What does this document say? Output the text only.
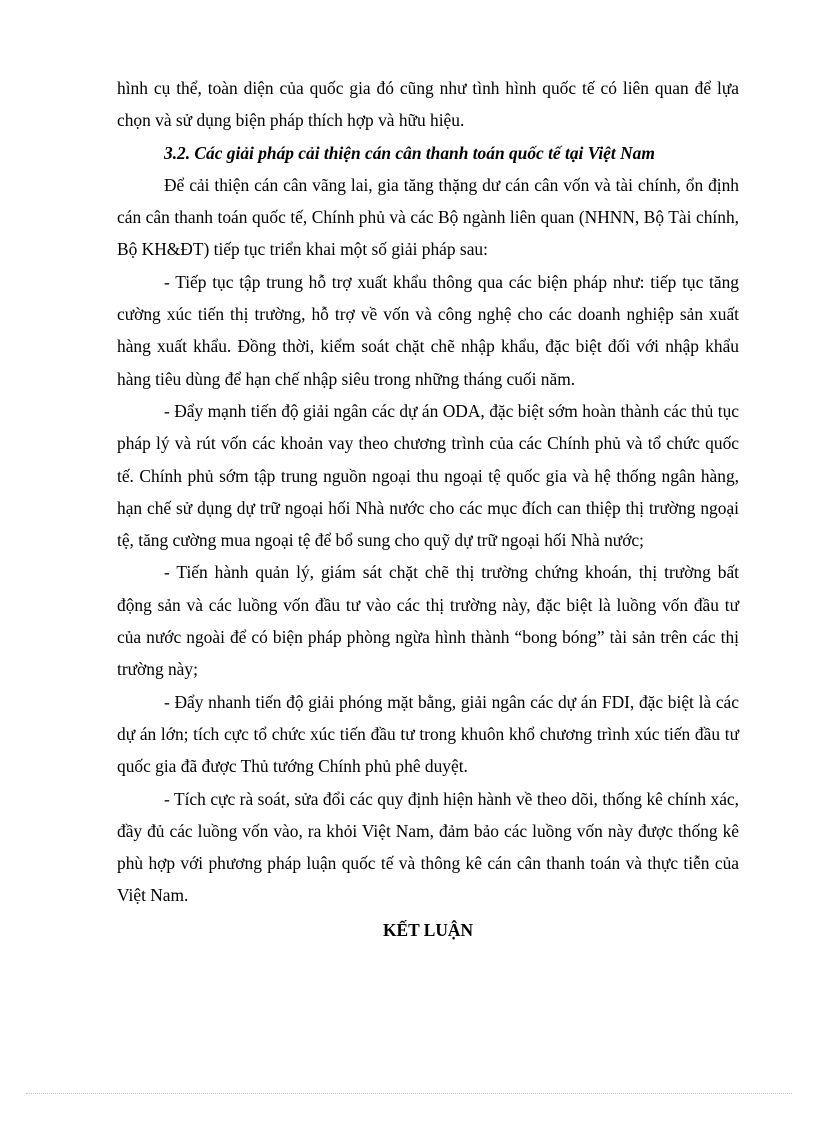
hình cụ thể, toàn diện của quốc gia đó cũng như tình hình quốc tế có liên quan để lựa chọn và sử dụng biện pháp thích hợp và hữu hiệu.

3.2. Các giải pháp cải thiện cán cân thanh toán quốc tế tại Việt Nam

Để cải thiện cán cân vãng lai, gia tăng thặng dư cán cân vốn và tài chính, ổn định cán cân thanh toán quốc tế, Chính phủ và các Bộ ngành liên quan (NHNN, Bộ Tài chính, Bộ KH&ĐT) tiếp tục triển khai một số giải pháp sau:

- Tiếp tục tập trung hỗ trợ xuất khẩu thông qua các biện pháp như: tiếp tục tăng cường xúc tiến thị trường, hỗ trợ về vốn và công nghệ cho các doanh nghiệp sản xuất hàng xuất khẩu. Đồng thời, kiểm soát chặt chẽ nhập khẩu, đặc biệt đối với nhập khẩu hàng tiêu dùng để hạn chế nhập siêu trong những tháng cuối năm.

- Đẩy mạnh tiến độ giải ngân các dự án ODA, đặc biệt sớm hoàn thành các thủ tục pháp lý và rút vốn các khoản vay theo chương trình của các Chính phủ và tổ chức quốc tế. Chính phủ sớm tập trung nguồn ngoại thu ngoại tệ quốc gia và hệ thống ngân hàng, hạn chế sử dụng dự trữ ngoại hối Nhà nước cho các mục đích can thiệp thị trường ngoại tệ, tăng cường mua ngoại tệ để bổ sung cho quỹ dự trữ ngoại hối Nhà nước;

- Tiến hành quản lý, giám sát chặt chẽ thị trường chứng khoán, thị trường bất động sản và các luồng vốn đầu tư vào các thị trường này, đặc biệt là luồng vốn đầu tư của nước ngoài để có biện pháp phòng ngừa hình thành “bong bóng” tài sản trên các thị trường này;

- Đẩy nhanh tiến độ giải phóng mặt bằng, giải ngân các dự án FDI, đặc biệt là các dự án lớn; tích cực tổ chức xúc tiến đầu tư trong khuôn khổ chương trình xúc tiến đầu tư quốc gia đã được Thủ tướng Chính phủ phê duyệt.

- Tích cực rà soát, sửa đổi các quy định hiện hành về theo dõi, thống kê chính xác, đầy đủ các luồng vốn vào, ra khỏi Việt Nam, đảm bảo các luồng vốn này được thống kê phù hợp với phương pháp luận quốc tế và thông kê cán cân thanh toán và thực tiễn của Việt Nam.

KẾT LUẬN
